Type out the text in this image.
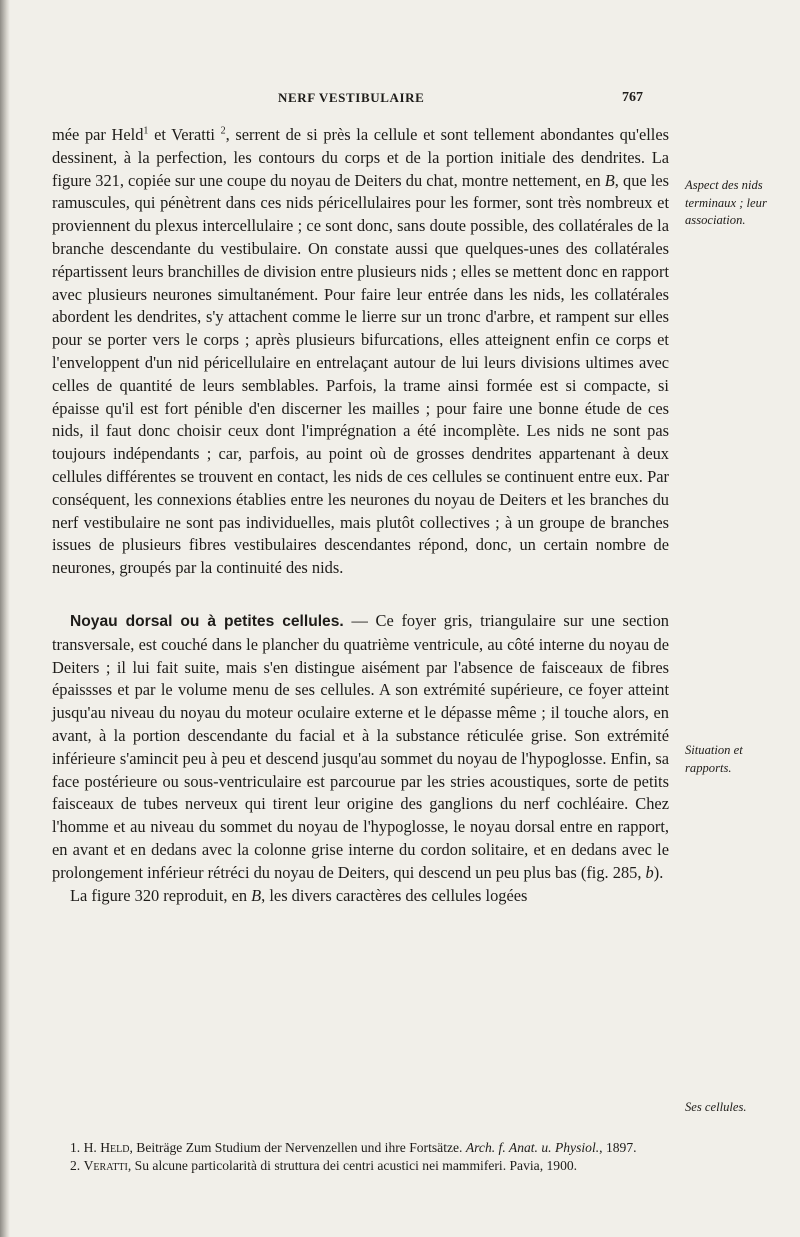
NERF VESTIBULAIRE	767

mée par Held$^1$ et Veratti $^2$, serrent de si près la cellule et sont tellement abondantes qu'elles dessinent, à la perfection, les contours du corps et de la portion initiale des dendrites. La figure 321, copiée sur une coupe du noyau de Deiters du chat, montre nettement, en B, que les ramuscules, qui pénètrent dans ces nids péricellulaires pour les former, sont très nombreux et proviennent du plexus intercellulaire ; ce sont donc, sans doute possible, des collatérales de la branche descendante du vestibulaire. On constate aussi que quelques-unes des collatérales répartissent leurs branchilles de division entre plusieurs nids ; elles se mettent donc en rapport avec plusieurs neurones simultanément. Pour faire leur entrée dans les nids, les collatérales abordent les dendrites, s'y attachent comme le lierre sur un tronc d'arbre, et rampent sur elles pour se porter vers le corps ; après plusieurs bifurcations, elles atteignent enfin ce corps et l'enveloppent d'un nid péricellulaire en entrelaçant autour de lui leurs divisions ultimes avec celles de quantité de leurs semblables. Parfois, la trame ainsi formée est si compacte, si épaisse qu'il est fort pénible d'en discerner les mailles ; pour faire une bonne étude de ces nids, il faut donc choisir ceux dont l'imprégnation a été incomplète. Les nids ne sont pas toujours indépendants ; car, parfois, au point où de grosses dendrites appartenant à deux cellules différentes se trouvent en contact, les nids de ces cellules se continuent entre eux. Par conséquent, les connexions établies entre les neurones du noyau de Deiters et les branches du nerf vestibulaire ne sont pas individuelles, mais plutôt collectives ; à un groupe de branches issues de plusieurs fibres vestibulaires descendantes répond, donc, un certain nombre de neurones, groupés par la continuité des nids.

Noyau dorsal ou à petites cellules. — Ce foyer gris, triangulaire sur une section transversale, est couché dans le plancher du quatrième ventricule, au côté interne du noyau de Deiters ; il lui fait suite, mais s'en distingue aisément par l'absence de faisceaux de fibres épaissses et par le volume menu de ses cellules. A son extrémité supérieure, ce foyer atteint jusqu'au niveau du noyau du moteur oculaire externe et le dépasse même ; il touche alors, en avant, à la portion descendante du facial et à la substance réticulée grise. Son extrémité inférieure s'amincit peu à peu et descend jusqu'au sommet du noyau de l'hypoglosse. Enfin, sa face postérieure ou sous-ventriculaire est parcourue par les stries acoustiques, sorte de petits faisceaux de tubes nerveux qui tirent leur origine des ganglions du nerf cochléaire. Chez l'homme et au niveau du sommet du noyau de l'hypoglosse, le noyau dorsal entre en rapport, en avant et en dedans avec la colonne grise interne du cordon solitaire, et en dedans avec le prolongement inférieur rétréci du noyau de Deiters, qui descend un peu plus bas (fig. 285, b).

La figure 320 reproduit, en B, les divers caractères des cellules logées

Aspect des nids terminaux ; leur association.
Situation et rapports.
Ses cellules.

1. H. Held, Beiträge Zum Studium der Nervenzellen und ihre Fortsätze. Arch. f. Anat. u. Physiol., 1897.

2. Veratti, Su alcune particolarità di struttura dei centri acustici nei mammiferi. Pavia, 1900.
